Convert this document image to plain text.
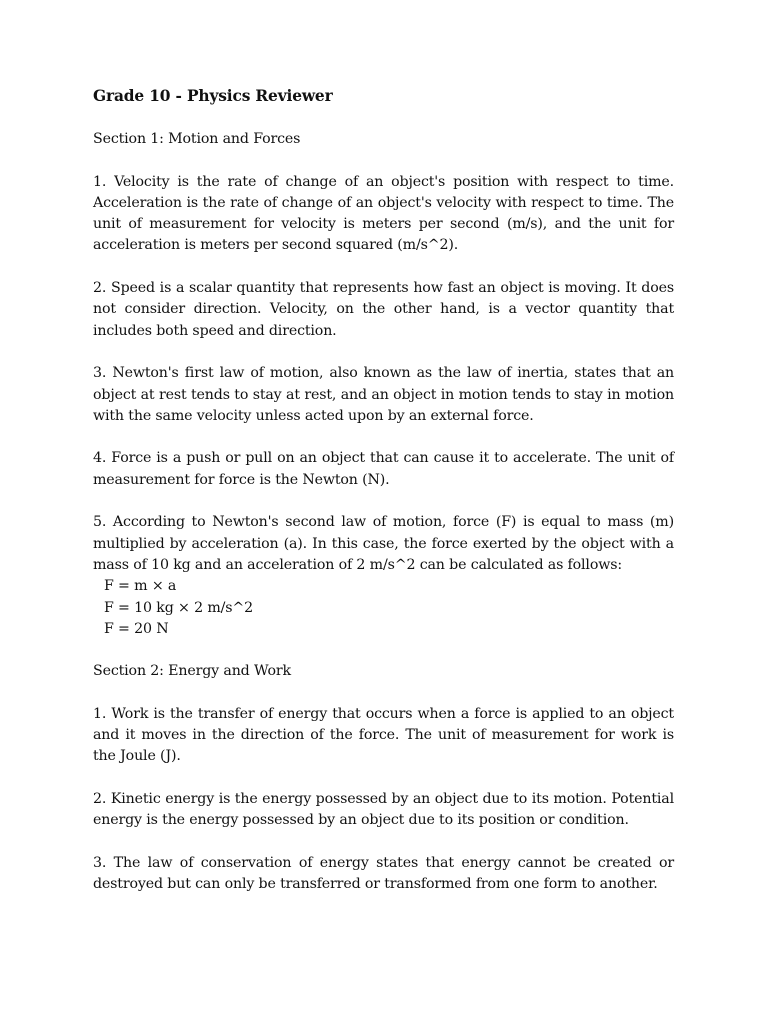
Grade 10 - Physics Reviewer
Section 1: Motion and Forces

1. Velocity is the rate of change of an object's position with respect to time. Acceleration is the rate of change of an object's velocity with respect to time. The unit of measurement for velocity is meters per second (m/s), and the unit for acceleration is meters per second squared (m/s^2).

2. Speed is a scalar quantity that represents how fast an object is moving. It does not consider direction. Velocity, on the other hand, is a vector quantity that includes both speed and direction.

3. Newton's first law of motion, also known as the law of inertia, states that an object at rest tends to stay at rest, and an object in motion tends to stay in motion with the same velocity unless acted upon by an external force.

4. Force is a push or pull on an object that can cause it to accelerate. The unit of measurement for force is the Newton (N).

5. According to Newton's second law of motion, force (F) is equal to mass (m) multiplied by acceleration (a). In this case, the force exerted by the object with a mass of 10 kg and an acceleration of 2 m/s^2 can be calculated as follows:

F = m × a
F = 10 kg × 2 m/s^2
F = 20 N
Section 2: Energy and Work

1. Work is the transfer of energy that occurs when a force is applied to an object and it moves in the direction of the force. The unit of measurement for work is the Joule (J).

2. Kinetic energy is the energy possessed by an object due to its motion. Potential energy is the energy possessed by an object due to its position or condition.

3. The law of conservation of energy states that energy cannot be created or destroyed but can only be transferred or transformed from one form to another.
